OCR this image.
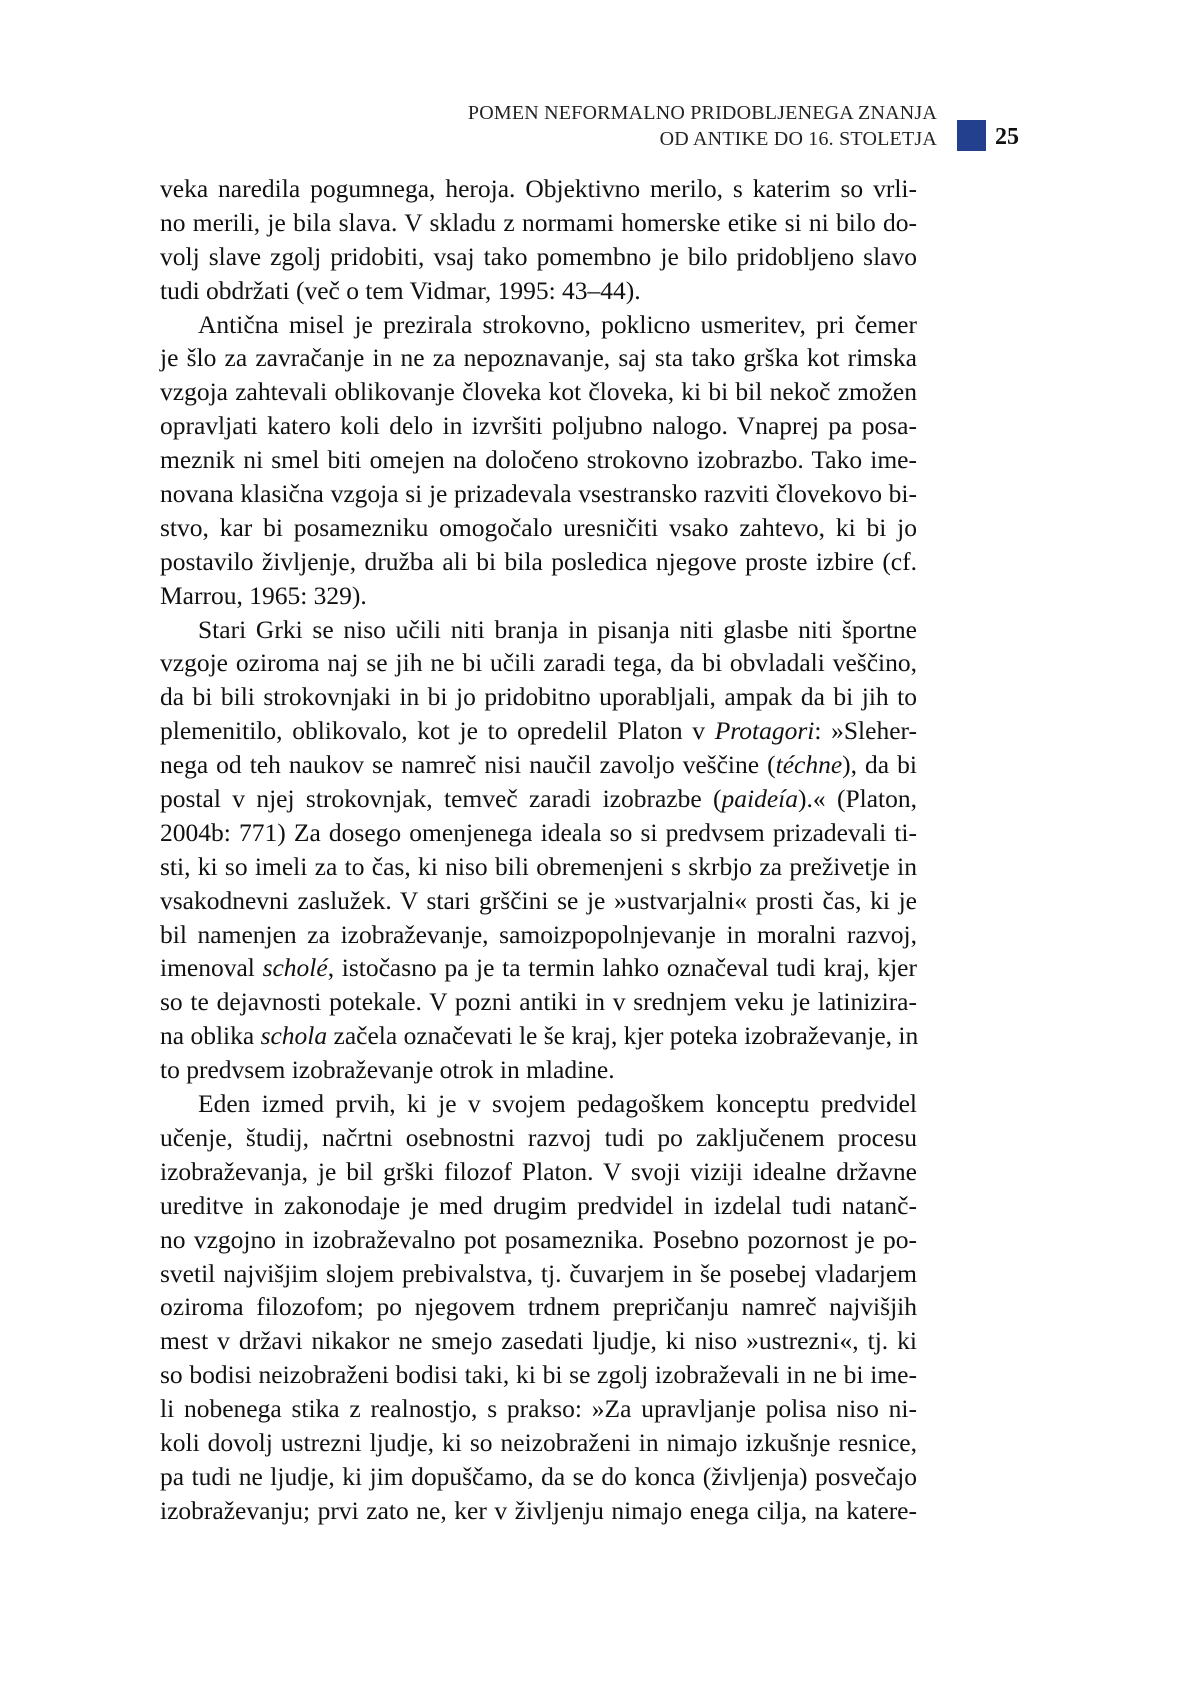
POMEN NEFORMALNO PRIDOBLJENEGA ZNANJA
OD ANTIKE DO 16. STOLETJA 25
veka naredila pogumnega, heroja. Objektivno merilo, s katerim so vrli-
no merili, je bila slava. V skladu z normami homerske etike si ni bilo do-
volj slave zgolj pridobiti, vsaj tako pomembno je bilo pridobljeno slavo
tudi obdržati (več o tem Vidmar, 1995: 43–44).
Antična misel je prezirala strokovno, poklicno usmeritev, pri čemer
je šlo za zavračanje in ne za nepoznavanje, saj sta tako grška kot rimska
vzgoja zahtevali oblikovanje človeka kot človeka, ki bi bil nekoč zmožen
opravljati katero koli delo in izvršiti poljubno nalogo. Vnaprej pa posa-
meznik ni smel biti omejen na določeno strokovno izobrazbo. Tako ime-
novana klasična vzgoja si je prizadevala vsestransko razviti človekovo bi-
stvo, kar bi posamezniku omogočalo uresničiti vsako zahtevo, ki bi jo
postavilo življenje, družba ali bi bila posledica njegove proste izbire (cf.
Marrou, 1965: 329).
Stari Grki se niso učili niti branja in pisanja niti glasbe niti športne
vzgoje oziroma naj se jih ne bi učili zaradi tega, da bi obvladali veščino,
da bi bili strokovnjaki in bi jo pridobitno uporabljali, ampak da bi jih to
plemenitilo, oblikovalo, kot je to opredelil Platon v Protagori: »Sleher-
nega od teh naukov se namreč nisi naučil zavoljo veščine (téchne), da bi
postal v njej strokovnjak, temveč zaradi izobrazbe (paideía).« (Platon,
2004b: 771) Za dosego omenjenega ideala so si predvsem prizadevali ti-
sti, ki so imeli za to čas, ki niso bili obremenjeni s skrbjo za preživetje in
vsakodnevni zaslužek. V stari grščini se je »ustvarjalni« prosti čas, ki je
bil namenjen za izobraževanje, samoizpopolnjevanje in moralni razvoj,
imenoval scholé, istočasno pa je ta termin lahko označeval tudi kraj, kjer
so te dejavnosti potekale. V pozni antiki in v srednjem veku je latinizira-
na oblika schola začela označevati le še kraj, kjer poteka izobraževanje, in
to predvsem izobraževanje otrok in mladine.
Eden izmed prvih, ki je v svojem pedagoškem konceptu predvidel
učenje, študij, načrtni osebnostni razvoj tudi po zaključenem procesu
izobraževanja, je bil grški filozof Platon. V svoji viziji idealne državne
ureditve in zakonodaje je med drugim predvidel in izdelal tudi natanč-
no vzgojno in izobraževalno pot posameznika. Posebno pozornost je po-
svetil najvišjim slojem prebivalstva, tj. čuvarjem in še posebej vladarjem
oziroma filozofom; po njegovem trdnem prepričanju namreč najvišjih
mest v državi nikakor ne smejo zasedati ljudje, ki niso »ustrezni«, tj. ki
so bodisi neizobraženi bodisi taki, ki bi se zgolj izobraževali in ne bi ime-
li nobenega stika z realnostjo, s prakso: »Za upravljanje polisa niso ni-
koli dovolj ustrezni ljudje, ki so neizobraženi in nimajo izkušnje resnice,
pa tudi ne ljudje, ki jim dopuščamo, da se do konca (življenja) posvečajo
izobraževanju; prvi zato ne, ker v življenju nimajo enega cilja, na katere-
